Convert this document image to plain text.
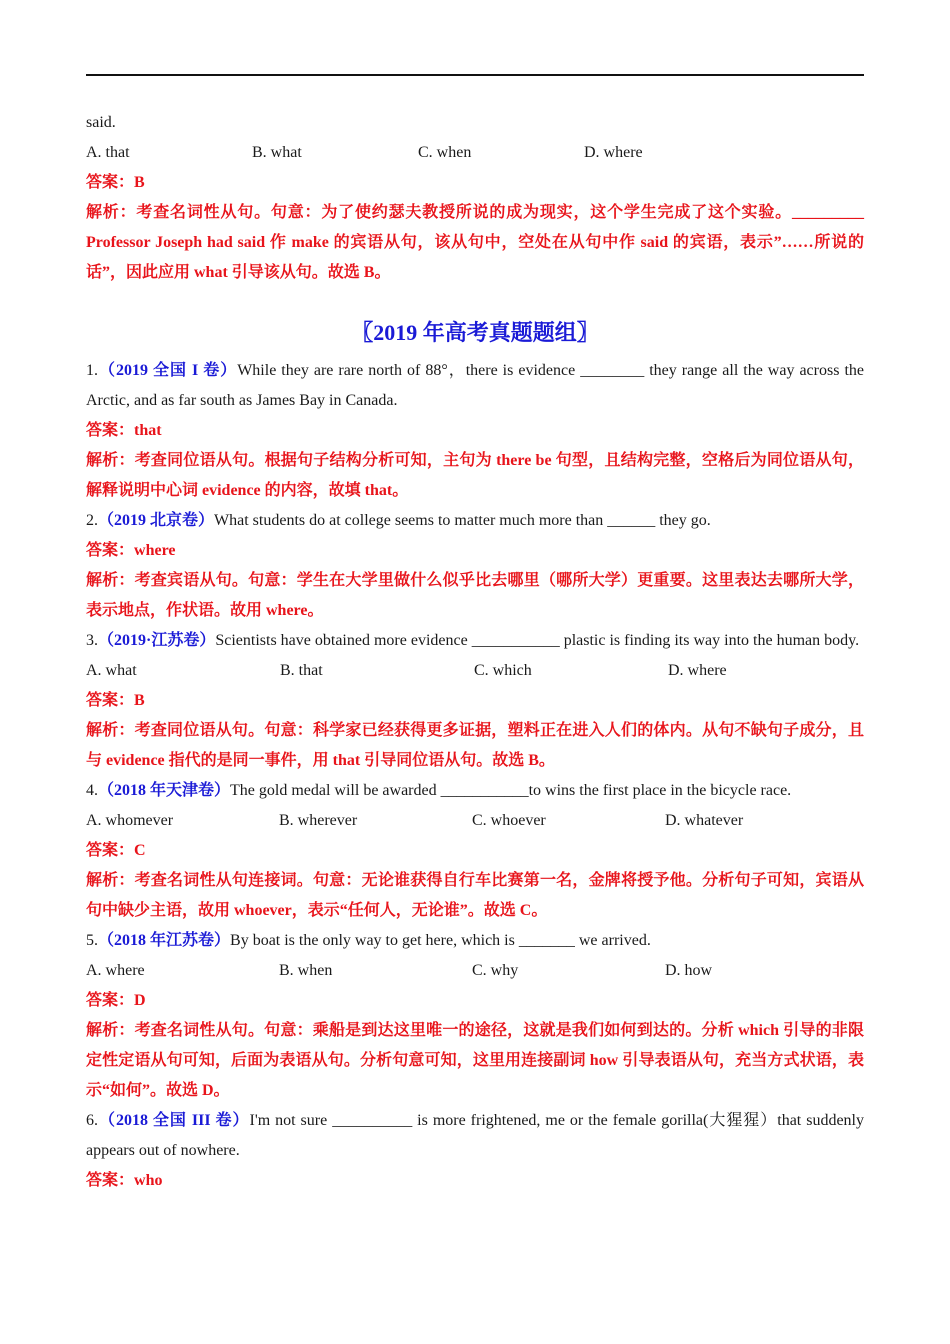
said.

A. that	B. what	C. when	D. where

答案：B

解析：考查名词性从句。句意：为了使约瑟夫教授所说的成为现实，这个学生完成了这个实验。_________ Professor Joseph had said 作 make 的宾语从句，该从句中，空处在从句中作 said 的宾语，表示”……所说的话”，因此应用 what 引导该从句。故选 B。

〖2019 年高考真题题组〗

1.（2019 全国 I 卷）While they are rare north of 88°，there is evidence ________ they range all the way across the Arctic, and as far south as James Bay in Canada.

答案：that

解析：考查同位语从句。根据句子结构分析可知，主句为 there be 句型，且结构完整，空格后为同位语从句，解释说明中心词 evidence 的内容，故填 that。

2.（2019 北京卷）What students do at college seems to matter much more than ______ they go.

答案：where

解析：考查宾语从句。句意：学生在大学里做什么似乎比去哪里（哪所大学）更重要。这里表达去哪所大学，表示地点，作状语。故用 where。

3.（2019·江苏卷）Scientists have obtained more evidence ___________ plastic is finding its way into the human body.

A. what	B. that	C. which	D. where

答案：B

解析：考查同位语从句。句意：科学家已经获得更多证据，塑料正在进入人们的体内。从句不缺句子成分，且与 evidence 指代的是同一事件，用 that 引导同位语从句。故选 B。

4.（2018 年天津卷）The gold medal will be awarded ___________to wins the first place in the bicycle race.

A. whomever	B. wherever	C. whoever	D. whatever

答案：C

解析：考查名词性从句连接词。句意：无论谁获得自行车比赛第一名，金牌将授予他。分析句子可知，宾语从句中缺少主语，故用 whoever，表示“任何人，无论谁”。故选 C。

5.（2018 年江苏卷）By boat is the only way to get here, which is _______ we arrived.

A. where	B. when	C. why	D. how

答案：D

解析：考查名词性从句。句意：乘船是到达这里唯一的途径，这就是我们如何到达的。分析 which 引导的非限定性定语从句可知，后面为表语从句。分析句意可知，这里用连接副词 how 引导表语从句，充当方式状语，表示“如何”。故选 D。

6.（2018 全国 III 卷）I'm not sure __________ is more frightened, me or the female gorilla(大猩猩）that suddenly appears out of nowhere.

答案：who
